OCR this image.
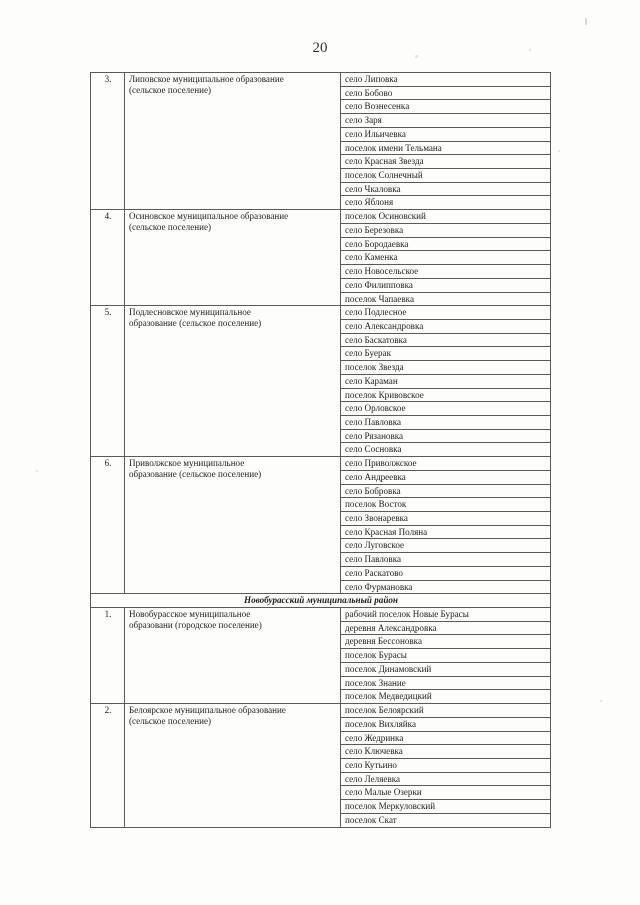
20
3.	Липовское муниципальное образование
(сельское поселение)	село Липовка
		село Бобово
		село Вознесенка
		село Заря
		село Ильичевка
		поселок имени Тельмана
		село Красная Звезда
		поселок Солнечный
		село Чкаловка
		село Яблоня
4.	Осиновское муниципальное образование
(сельское поселение)	поселок Осиновский
		село Березовка
		село Бородаевка
		село Каменка
		село Новосельское
		село Филипповка
		поселок Чапаевка
5.	Подлесновское муниципальное
образование (сельское поселение)	село Подлесное
		село Александровка
		село Баскатовка
		село Буерак
		поселок Звезда
		село Караман
		поселок Кривовское
		село Орловское
		село Павловка
		село Рязановка
		село Сосновка
6.	Приволжское муниципальное
образование (сельское поселение)	село Приволжское
		село Андреевка
		село Бобровка
		поселок Восток
		село Звонаревка
		село Красная Поляна
		село Луговское
		село Павловка
		село Раскатово
		село Фурмановка
Новобурасский муниципальный район		
1.	Новобурасское муниципальное
образовани (городское поселение)	рабочий поселок Новые Бурасы
		деревня Александровка
		деревня Бессоновка
		поселок Бурасы
		поселок Динамовский
		поселок Знание
		поселок Медведицкий
2.	Белоярское муниципальное образование
(сельское поселение)	поселок Белоярский
		поселок Вихляйка
		село Жедринка
		село Ключевка
		село Кутьино
		село Леляевка
		село Малые Озерки
		поселок Меркуловский
		поселок Скат
